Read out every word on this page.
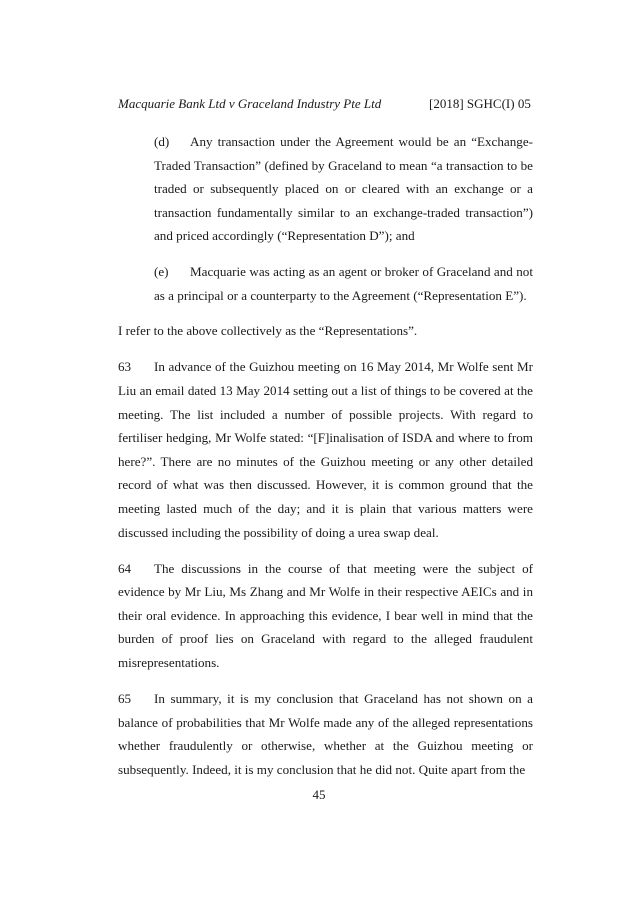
Macquarie Bank Ltd v Graceland Industry Pte Ltd	[2018] SGHC(I) 05

(d) Any transaction under the Agreement would be an “Exchange-Traded Transaction” (defined by Graceland to mean “a transaction to be traded or subsequently placed on or cleared with an exchange or a transaction fundamentally similar to an exchange-traded transaction”) and priced accordingly (“Representation D”); and

(e) Macquarie was acting as an agent or broker of Graceland and not as a principal or a counterparty to the Agreement (“Representation E”).

I refer to the above collectively as the “Representations”.

63 In advance of the Guizhou meeting on 16 May 2014, Mr Wolfe sent Mr Liu an email dated 13 May 2014 setting out a list of things to be covered at the meeting. The list included a number of possible projects. With regard to fertiliser hedging, Mr Wolfe stated: “[F]inalisation of ISDA and where to from here?”. There are no minutes of the Guizhou meeting or any other detailed record of what was then discussed. However, it is common ground that the meeting lasted much of the day; and it is plain that various matters were discussed including the possibility of doing a urea swap deal.

64 The discussions in the course of that meeting were the subject of evidence by Mr Liu, Ms Zhang and Mr Wolfe in their respective AEICs and in their oral evidence. In approaching this evidence, I bear well in mind that the burden of proof lies on Graceland with regard to the alleged fraudulent misrepresentations.

65 In summary, it is my conclusion that Graceland has not shown on a balance of probabilities that Mr Wolfe made any of the alleged representations whether fraudulently or otherwise, whether at the Guizhou meeting or subsequently. Indeed, it is my conclusion that he did not. Quite apart from the

45
